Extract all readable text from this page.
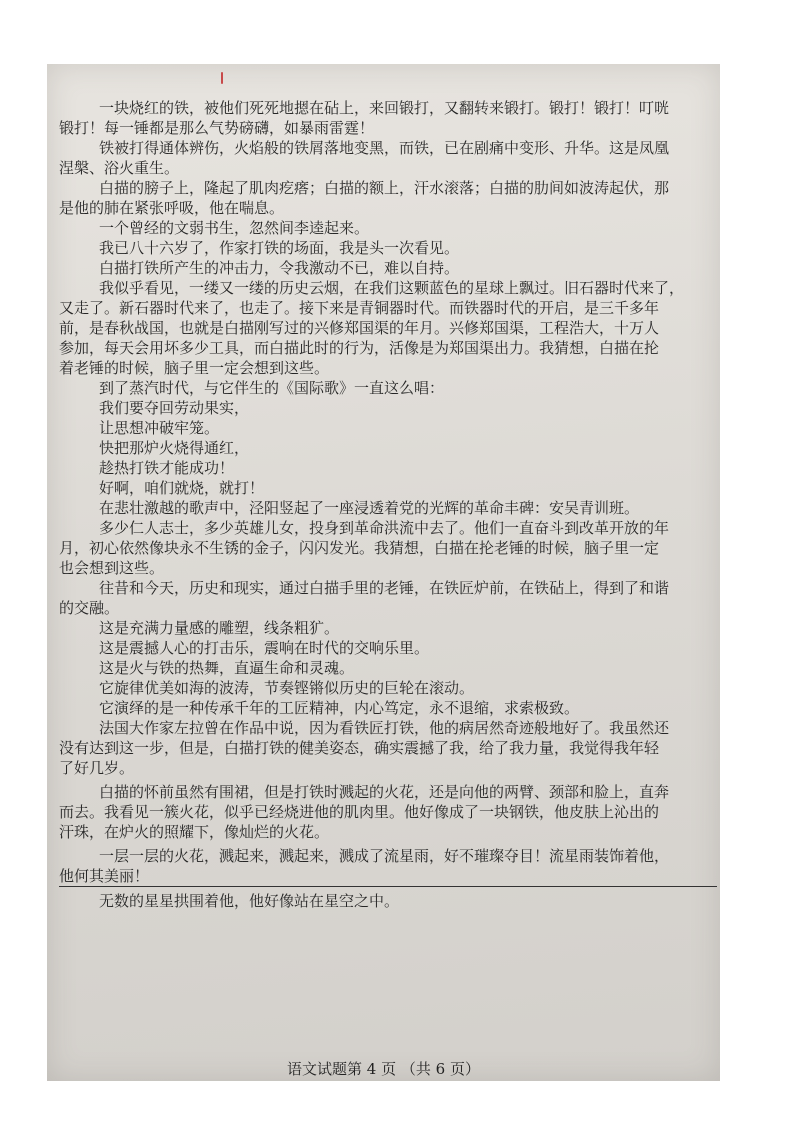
一块烧红的铁，被他们死死地摁在砧上，来回锻打，又翻转来锻打。锻打！锻打！叮咣
锻打！每一锤都是那么气势磅礴，如暴雨雷霆！
铁被打得通体辨伤，火焰般的铁屑落地变黑，而铁，已在剧痛中变形、升华。这是凤凰
涅槃、浴火重生。
白描的膀子上，隆起了肌肉疙瘩；白描的额上，汗水滚落；白描的肋间如波涛起伏，那
是他的肺在紧张呼吸，他在喘息。
一个曾经的文弱书生，忽然间李逵起来。
我已八十六岁了，作家打铁的场面，我是头一次看见。
白描打铁所产生的冲击力，令我激动不已，难以自持。
我似乎看见，一缕又一缕的历史云烟，在我们这颗蓝色的星球上飘过。旧石器时代来了，
又走了。新石器时代来了，也走了。接下来是青铜器时代。而铁器时代的开启，是三千多年
前，是春秋战国，也就是白描刚写过的兴修郑国渠的年月。兴修郑国渠，工程浩大，十万人
参加，每天会用坏多少工具，而白描此时的行为，活像是为郑国渠出力。我猜想，白描在抡
着老锤的时候，脑子里一定会想到这些。
到了蒸汽时代，与它伴生的《国际歌》一直这么唱：
我们要夺回劳动果实，
让思想冲破牢笼。
快把那炉火烧得通红，
趁热打铁才能成功！
好啊，咱们就烧，就打！
在悲壮激越的歌声中，泾阳竖起了一座浸透着党的光辉的革命丰碑：安吴青训班。
多少仁人志士，多少英雄儿女，投身到革命洪流中去了。他们一直奋斗到改革开放的年
月，初心依然像块永不生锈的金子，闪闪发光。我猜想，白描在抡老锤的时候，脑子里一定
也会想到这些。
往昔和今天，历史和现实，通过白描手里的老锤，在铁匠炉前，在铁砧上，得到了和谐
的交融。
这是充满力量感的雕塑，线条粗犷。
这是震撼人心的打击乐，震响在时代的交响乐里。
这是火与铁的热舞，直逼生命和灵魂。
它旋律优美如海的波涛，节奏铿锵似历史的巨轮在滚动。
它演绎的是一种传承千年的工匠精神，内心笃定，永不退缩，求索极致。
法国大作家左拉曾在作品中说，因为看铁匠打铁，他的病居然奇迹般地好了。我虽然还
没有达到这一步，但是，白描打铁的健美姿态，确实震撼了我，给了我力量，我觉得我年轻
了好几岁。
白描的怀前虽然有围裙，但是打铁时溅起的火花，还是向他的两臂、颈部和脸上，直奔
而去。我看见一簇火花，似乎已经烧进他的肌肉里。他好像成了一块钢铁，他皮肤上沁出的
汗珠，在炉火的照耀下，像灿烂的火花。
一层一层的火花，溅起来，溅起来，溅成了流星雨，好不璀璨夺目！流星雨装饰着他，
他何其美丽！
无数的星星拱围着他，他好像站在星空之中。
语文试题第 4 页 （共 6 页）
